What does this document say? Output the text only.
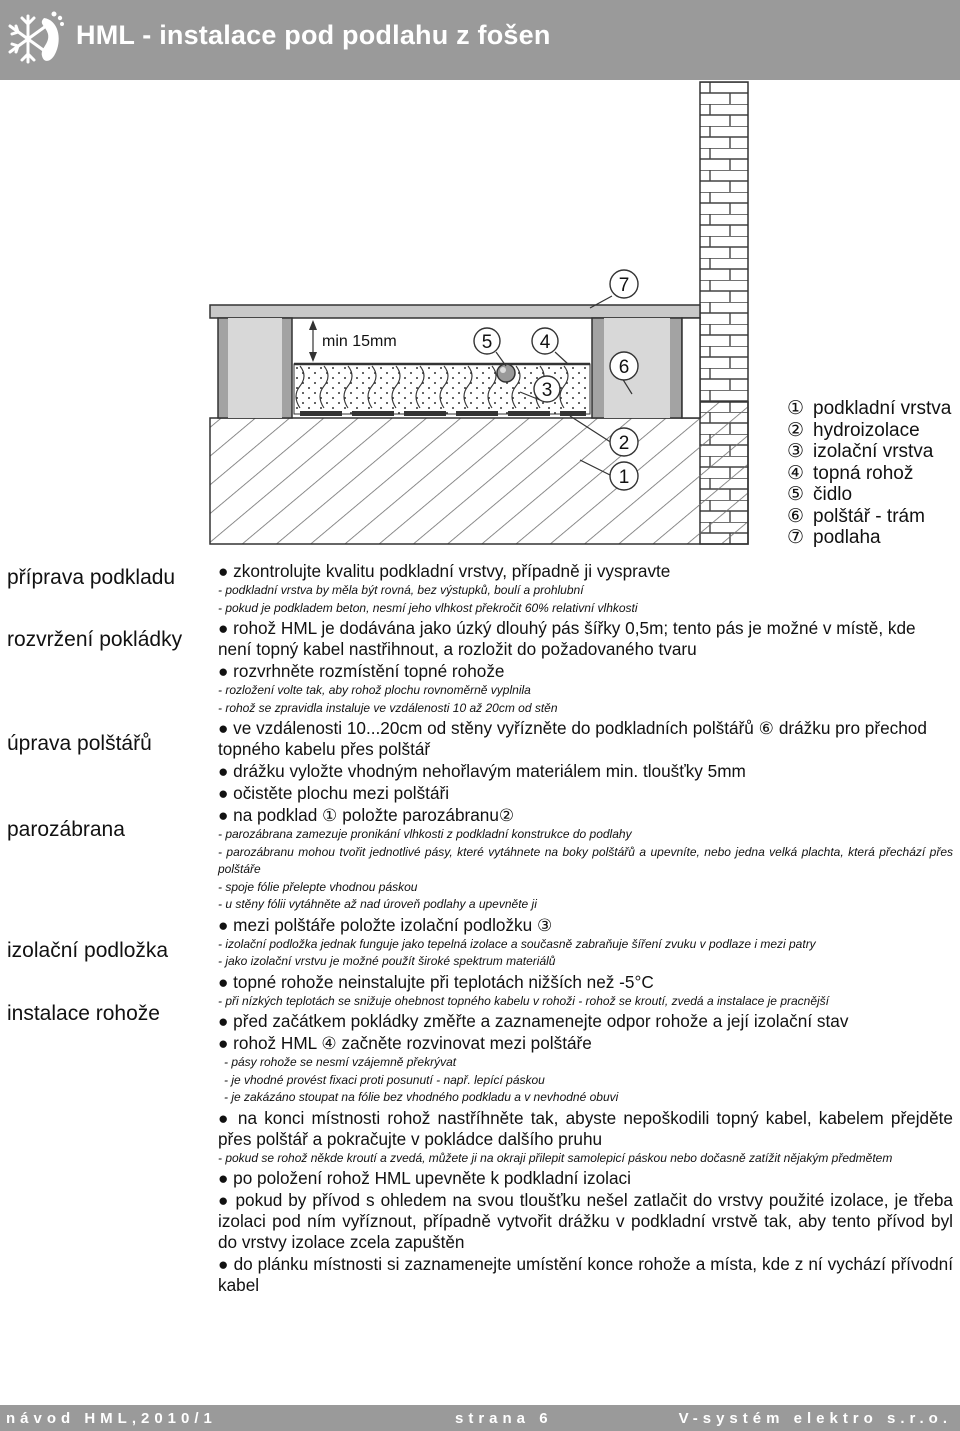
HML - instalace pod podlahu z fošen
min 15mm
7
5 4
3
6
2
1
① podkladní vrstva
② hydroizolace
③ izolační vrstva
④ topná rohož
⑤ čidlo
⑥ polštář - trám
⑦ podlaha
příprava podkladu
rozvržení pokládky
úprava polštářů
parozábrana
izolační podložka
instalace rohože
● zkontrolujte kvalitu podkladní vrstvy, případně ji vyspravte
- podkladní vrstva by měla být rovná, bez výstupků, boulí a prohlubní
- pokud je podkladem beton, nesmí jeho vlhkost překročit 60% relativní vlhkosti
● rohož HML je dodávána jako úzký dlouhý pás šířky 0,5m; tento pás je možné v místě, kde není topný kabel nastřihnout, a rozložit do požadovaného tvaru
● rozvrhněte rozmístění topné rohože
- rozložení volte tak, aby rohož plochu rovnoměrně vyplnila
- rohož se zpravidla instaluje ve vzdálenosti 10 až 20cm od stěn
● ve vzdálenosti 10...20cm od stěny vyřízněte do podkladních polštářů ⑥ drážku pro přechod topného kabelu přes polštář
● drážku vyložte vhodným nehořlavým materiálem min. tloušťky 5mm
● očistěte plochu mezi polštáři
● na podklad ① položte parozábranu②
- parozábrana zamezuje pronikání vlhkosti z podkladní konstrukce do podlahy
- parozábranu mohou tvořit jednotlivé pásy, které vytáhnete na boky polštářů a upevníte, nebo jedna velká plachta, která přechází přes polštáře
- spoje fólie přelepte vhodnou páskou
- u stěny fólii vytáhněte až nad úroveň podlahy a upevněte ji
● mezi polštáře položte izolační podložku ③
- izolační podložka jednak funguje jako tepelná izolace a současně zabraňuje šíření zvuku v podlaze i mezi patry
- jako izolační vrstvu je možné použít široké spektrum materiálů
● topné rohože neinstalujte při teplotách nižších než -5°C
- při nízkých teplotách se snižuje ohebnost topného kabelu v rohoži - rohož se kroutí, zvedá a instalace je pracnější
● před začátkem pokládky změřte a zaznamenejte odpor rohože a její izolační stav
● rohož HML ④ začněte rozvinovat mezi polštáře
- pásy rohože se nesmí vzájemně překrývat
- je vhodné provést fixaci proti posunutí - např. lepící páskou
- je zakázáno stoupat na fólie bez vhodného podkladu a v nevhodné obuvi
● na konci místnosti rohož nastříhněte tak, abyste nepoškodili topný kabel, kabelem přejděte přes polštář a pokračujte v pokládce dalšího pruhu
- pokud se rohož někde kroutí a zvedá, můžete ji na okraji přilepit samolepicí páskou nebo dočasně zatížit nějakým předmětem
● po položení rohož HML upevněte k podkladní izolaci
● pokud by přívod s ohledem na svou tloušťku nešel zatlačit do vrstvy použité izolace, je třeba izolaci pod ním vyříznout, případně vytvořit drážku v podkladní vrstvě tak, aby tento přívod byl do vrstvy izolace zcela zapuštěn
● do plánku místnosti si zaznamenejte umístění konce rohože a místa, kde z ní vychází přívodní kabel
návod HML,2010/1	strana 6	V-systém elektro s.r.o.
